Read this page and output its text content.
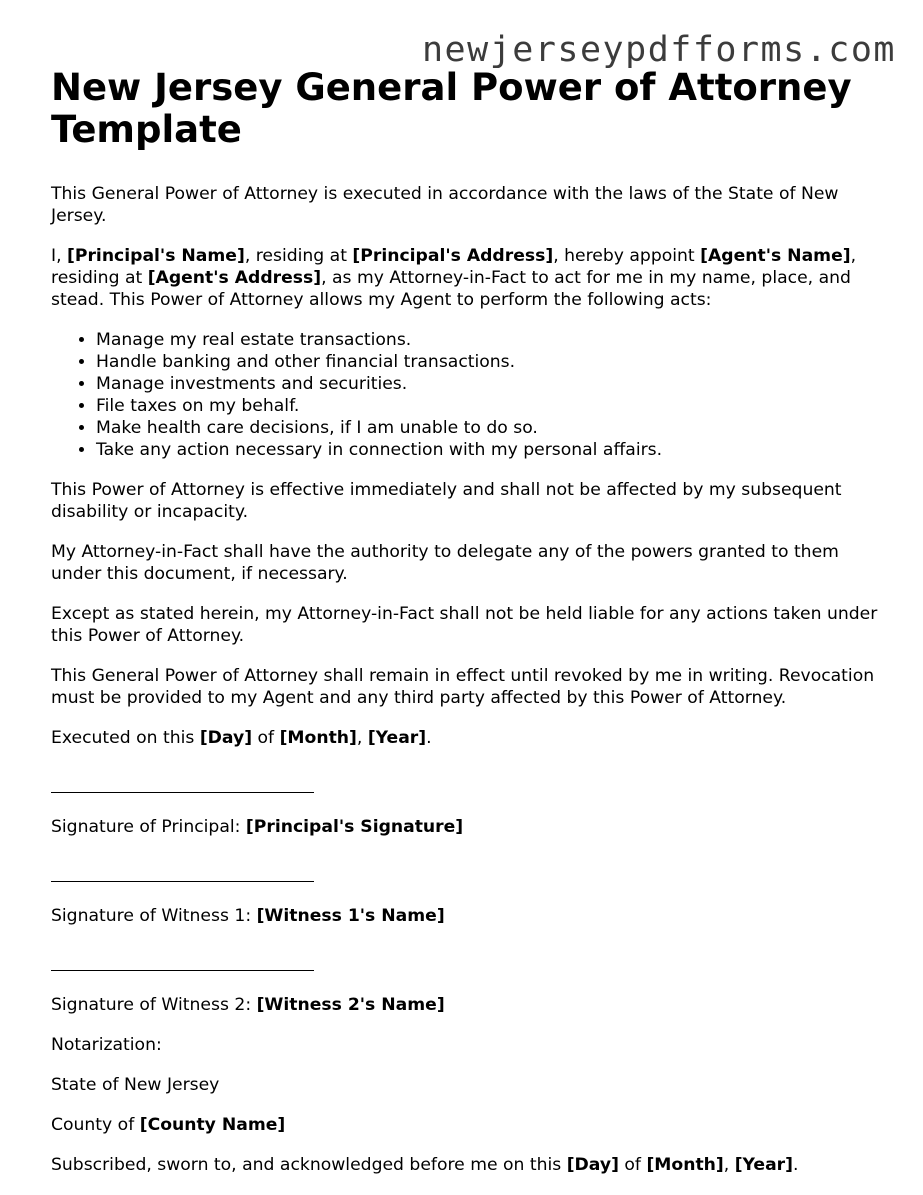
newjerseypdfforms.com

New Jersey General Power of Attorney Template

This General Power of Attorney is executed in accordance with the laws of the State of New Jersey.

I, [Principal's Name], residing at [Principal's Address], hereby appoint [Agent's Name], residing at [Agent's Address], as my Attorney-in-Fact to act for me in my name, place, and stead. This Power of Attorney allows my Agent to perform the following acts:

• Manage my real estate transactions.
• Handle banking and other financial transactions.
• Manage investments and securities.
• File taxes on my behalf.
• Make health care decisions, if I am unable to do so.
• Take any action necessary in connection with my personal affairs.

This Power of Attorney is effective immediately and shall not be affected by my subsequent disability or incapacity.

My Attorney-in-Fact shall have the authority to delegate any of the powers granted to them under this document, if necessary.

Except as stated herein, my Attorney-in-Fact shall not be held liable for any actions taken under this Power of Attorney.

This General Power of Attorney shall remain in effect until revoked by me in writing. Revocation must be provided to my Agent and any third party affected by this Power of Attorney.

Executed on this [Day] of [Month], [Year].

Signature of Principal: [Principal's Signature]

Signature of Witness 1: [Witness 1's Name]

Signature of Witness 2: [Witness 2's Name]

Notarization:

State of New Jersey

County of [County Name]

Subscribed, sworn to, and acknowledged before me on this [Day] of [Month], [Year].
